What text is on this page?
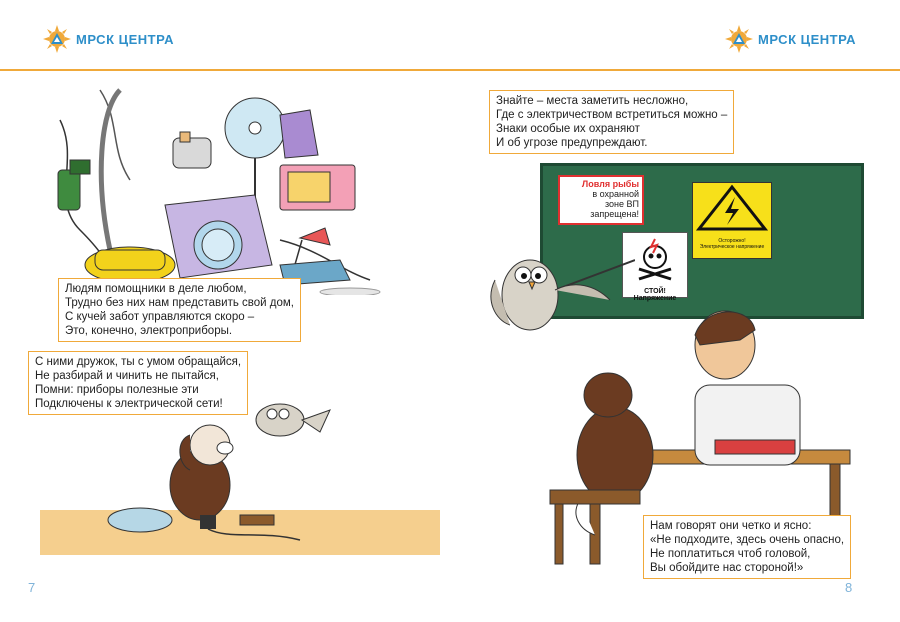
МРСК ЦЕНТРА	МРСК ЦЕНТРА
Людям помощники в деле любом,
Трудно без них нам представить свой дом,
С кучей забот управляются скоро –
Это, конечно, электроприборы.
С ними дружок, ты с умом обращайся,
Не разбирай и чинить не пытайся,
Помни: приборы полезные эти
Подключены к электрической сети!
Знайте – места заметить несложно,
Где с электричеством встретиться можно –
Знаки особые их охраняют
И об угрозе предупреждают.
Ловля рыбы
в охранной
зоне ВП
запрещена!
СТОЙ! Напряжение
Осторожно!
Электрическое напряжение
Нам говорят они четко и ясно:
«Не подходите, здесь очень опасно,
Не поплатиться чтоб головой,
Вы обойдите нас стороной!»
7	8
